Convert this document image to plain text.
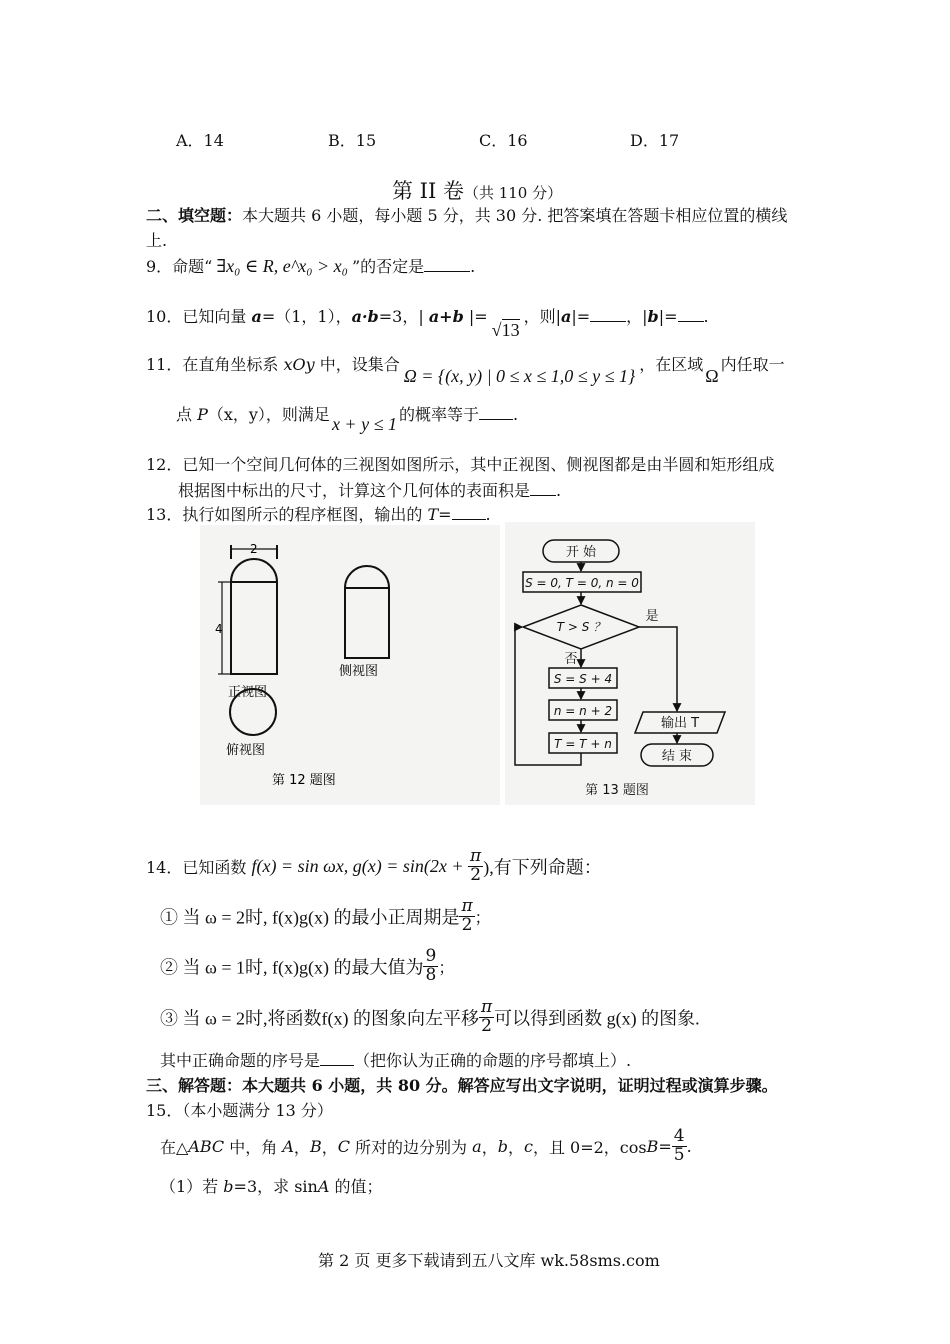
A．14	B．15	C．16	D．17
第 II 卷（共 110 分）
二、填空题：本大题共 6 小题，每小题 5 分，共 30 分. 把答案填在答题卡相应位置的横线
上.
9．命题“ ∃x₀ ∈ R, e^x₀ > x₀ ”的否定是	.
10．已知向量 a=（1，1），a·b=3，| a+b |=√13，则|a|= ，|b|= .
11．在直角坐标系 xOy 中，设集合Ω = {(x, y) | 0 ≤ x ≤ 1,0 ≤ y ≤ 1}，在区域Ω内任取一
点 P（x，y），则满足 x + y ≤ 1 的概率等于 .
12．已知一个空间几何体的三视图如图所示，其中正视图、侧视图都是由半圆和矩形组成
根据图中标出的尺寸，计算这个几何体的表面积是 .
13．执行如图所示的程序框图，输出的 T= .
2
4
正视图
侧视图
俯视图
第 12 题图
开 始
S = 0, T = 0, n = 0
T > S ？
是
否
S = S + 4
n = n + 2
T = T + n
输出 T
结 束
第 13 题图
14．已知函数 f(x) = sin ωx, $g(x) = \sin(2x + \frac{\pi}{2}$ ),有下列命题：
① 当 ω = 2时, f(x)g(x) 的最小正周期是 $\frac{\pi}{2}$ ；
② 当 ω = 1时, f(x)g(x) 的最大值为 $\frac{9}{8}$ ；
③ 当 ω = 2时,将函数f(x) 的图象向左平移 $\frac{\pi}{2}$ 可以得到函数 g(x) 的图象.
其中正确命题的序号是 （把你认为正确的命题的序号都填上）.
三、解答题：本大题共 6 小题，共 80 分。解答应写出文字说明，证明过程或演算步骤。
15．（本小题满分 13 分）
在△ABC 中，角 A，B，C 所对的边分别为 a，b，c，且 0=2，$\cos B= \frac{4}{5}$ .
（1）若 b=3，求 sinA 的值；
第 2 页 更多下载请到五八文库 wk.58sms.com
